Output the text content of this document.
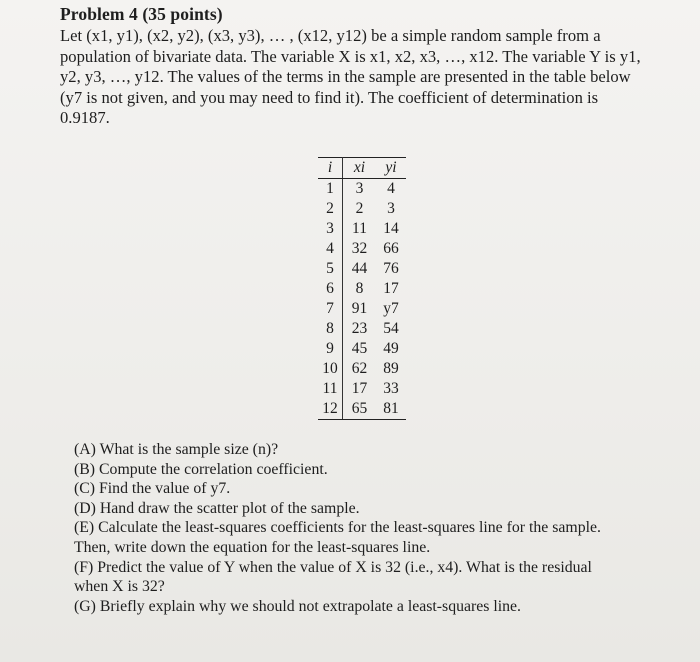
Problem 4 (35 points)
Let (x1, y1), (x2, y2), (x3, y3), … , (x12, y12) be a simple random sample from a
population of bivariate data. The variable X is x1, x2, x3, …, x12. The variable Y is y1,
y2, y3, …, y12. The values of the terms in the sample are presented in the table below
(y7 is not given, and you may need to find it). The coefficient of determination is
0.9187.
i	xi	yi
1	3	4
2	2	3
3	11	14
4	32	66
5	44	76
6	8	17
7	91	y7
8	23	54
9	45	49
10	62	89
11	17	33
12	65	81
(A) What is the sample size (n)?
(B) Compute the correlation coefficient.
(C) Find the value of y7.
(D) Hand draw the scatter plot of the sample.
(E) Calculate the least-squares coefficients for the least-squares line for the sample.
Then, write down the equation for the least-squares line.
(F) Predict the value of Y when the value of X is 32 (i.e., x4). What is the residual
when X is 32?
(G) Briefly explain why we should not extrapolate a least-squares line.
